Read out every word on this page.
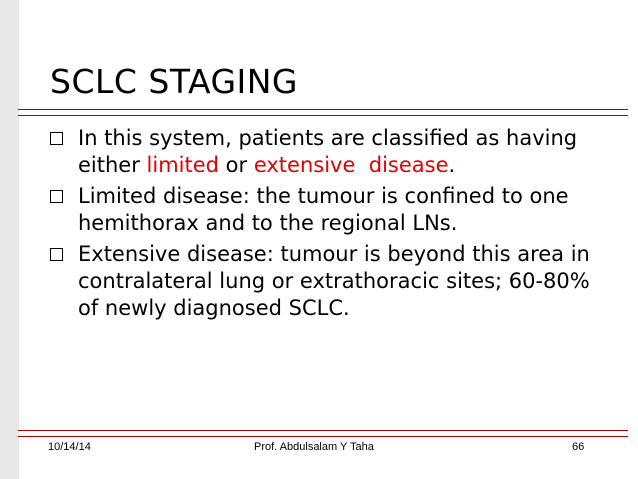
SCLC STAGING
In this system, patients are classified as having either limited or extensive  disease.
Limited disease: the tumour is confined to one hemithorax and to the regional LNs.
Extensive disease: tumour is beyond this area in contralateral lung or extrathoracic sites; 60-80% of newly diagnosed SCLC.
10/14/14	Prof. Abdulsalam Y Taha	66
